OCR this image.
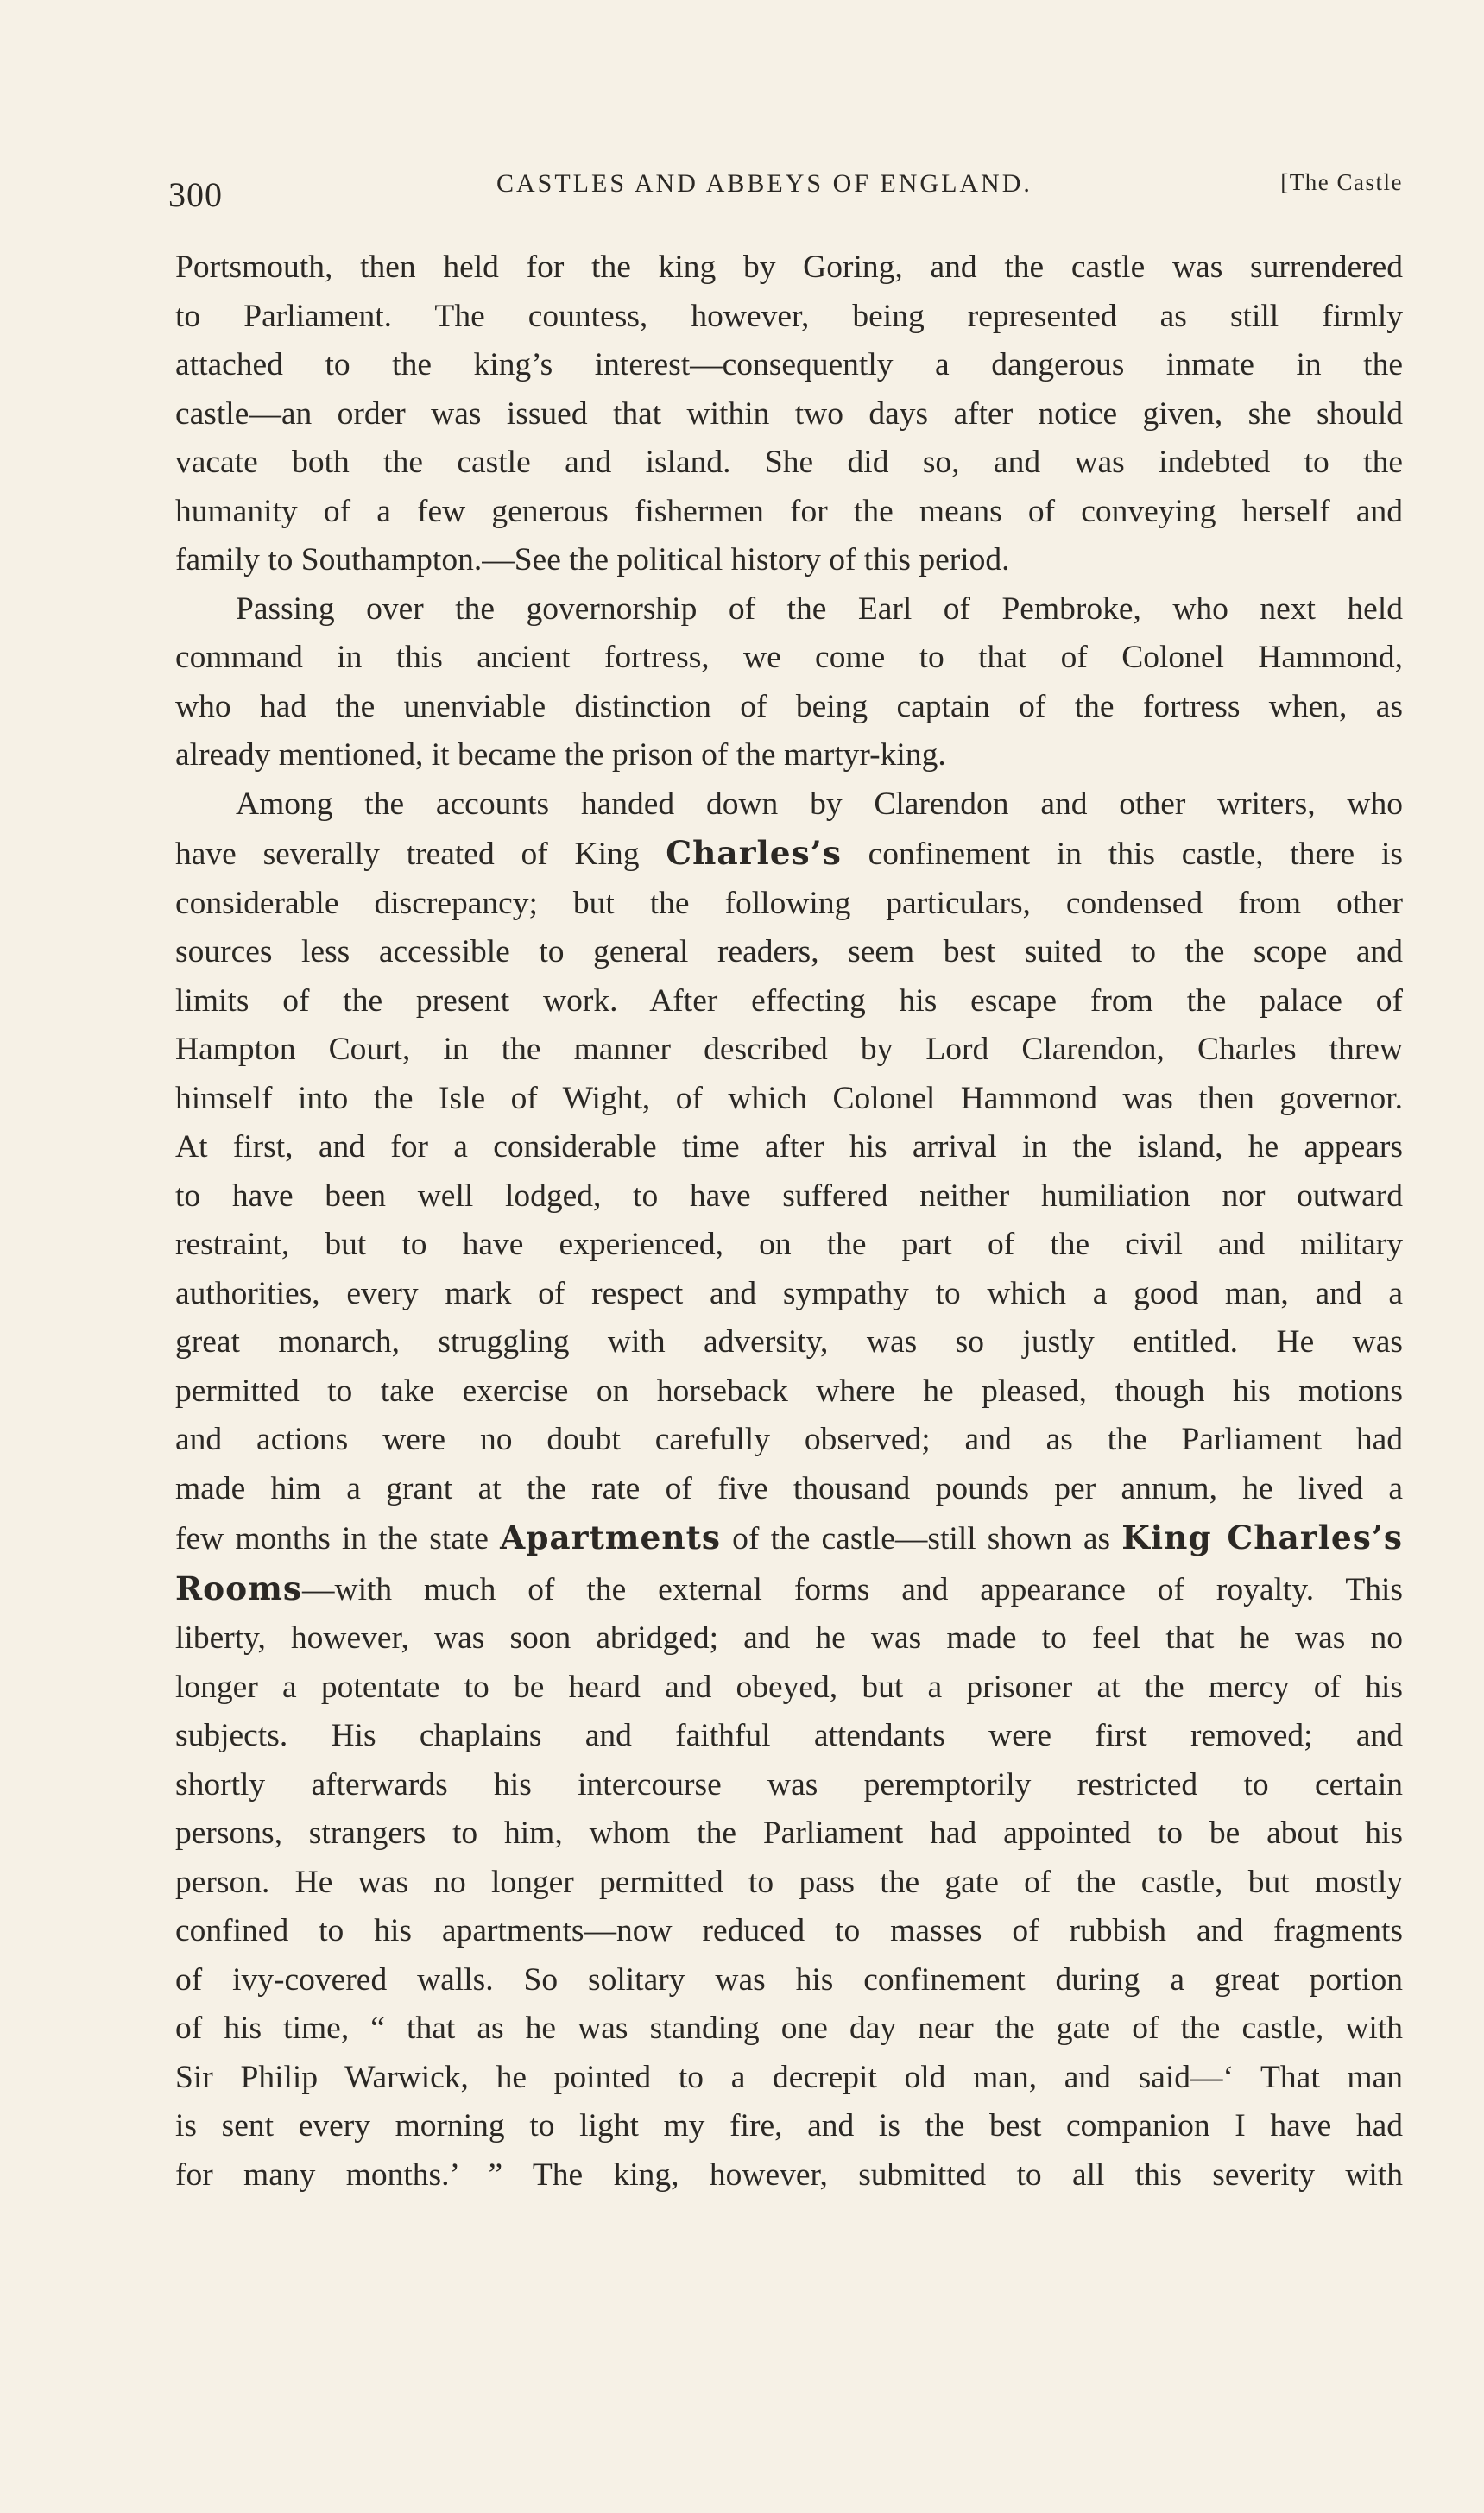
300	CASTLES AND ABBEYS OF ENGLAND.	[The Castle
Portsmouth, then held for the king by Goring, and the castle was surrendered
to Parliament. The countess, however, being represented as still firmly
attached to the king’s interest—consequently a dangerous inmate in the
castle—an order was issued that within two days after notice given, she should
vacate both the castle and island. She did so, and was indebted to the
humanity of a few generous fishermen for the means of conveying herself and
family to Southampton.—See the political history of this period.
Passing over the governorship of the Earl of Pembroke, who next held
command in this ancient fortress, we come to that of Colonel Hammond,
who had the unenviable distinction of being captain of the fortress when, as
already mentioned, it became the prison of the martyr-king.
Among the accounts handed down by Clarendon and other writers, who
have severally treated of King Charles’s confinement in this castle, there is
considerable discrepancy; but the following particulars, condensed from other
sources less accessible to general readers, seem best suited to the scope and
limits of the present work. After effecting his escape from the palace of
Hampton Court, in the manner described by Lord Clarendon, Charles threw
himself into the Isle of Wight, of which Colonel Hammond was then governor.
At first, and for a considerable time after his arrival in the island, he appears
to have been well lodged, to have suffered neither humiliation nor outward
restraint, but to have experienced, on the part of the civil and military
authorities, every mark of respect and sympathy to which a good man, and a
great monarch, struggling with adversity, was so justly entitled. He was
permitted to take exercise on horseback where he pleased, though his motions
and actions were no doubt carefully observed; and as the Parliament had
made him a grant at the rate of five thousand pounds per annum, he lived a
few months in the state Apartments of the castle—still shown as King Charles’s
Rooms—with much of the external forms and appearance of royalty. This
liberty, however, was soon abridged; and he was made to feel that he was no
longer a potentate to be heard and obeyed, but a prisoner at the mercy of his
subjects. His chaplains and faithful attendants were first removed; and
shortly afterwards his intercourse was peremptorily restricted to certain
persons, strangers to him, whom the Parliament had appointed to be about his
person. He was no longer permitted to pass the gate of the castle, but mostly
confined to his apartments—now reduced to masses of rubbish and fragments
of ivy-covered walls. So solitary was his confinement during a great portion
of his time, “ that as he was standing one day near the gate of the castle, with
Sir Philip Warwick, he pointed to a decrepit old man, and said—‘ That man
is sent every morning to light my fire, and is the best companion I have had
for many months.’ ” The king, however, submitted to all this severity with
